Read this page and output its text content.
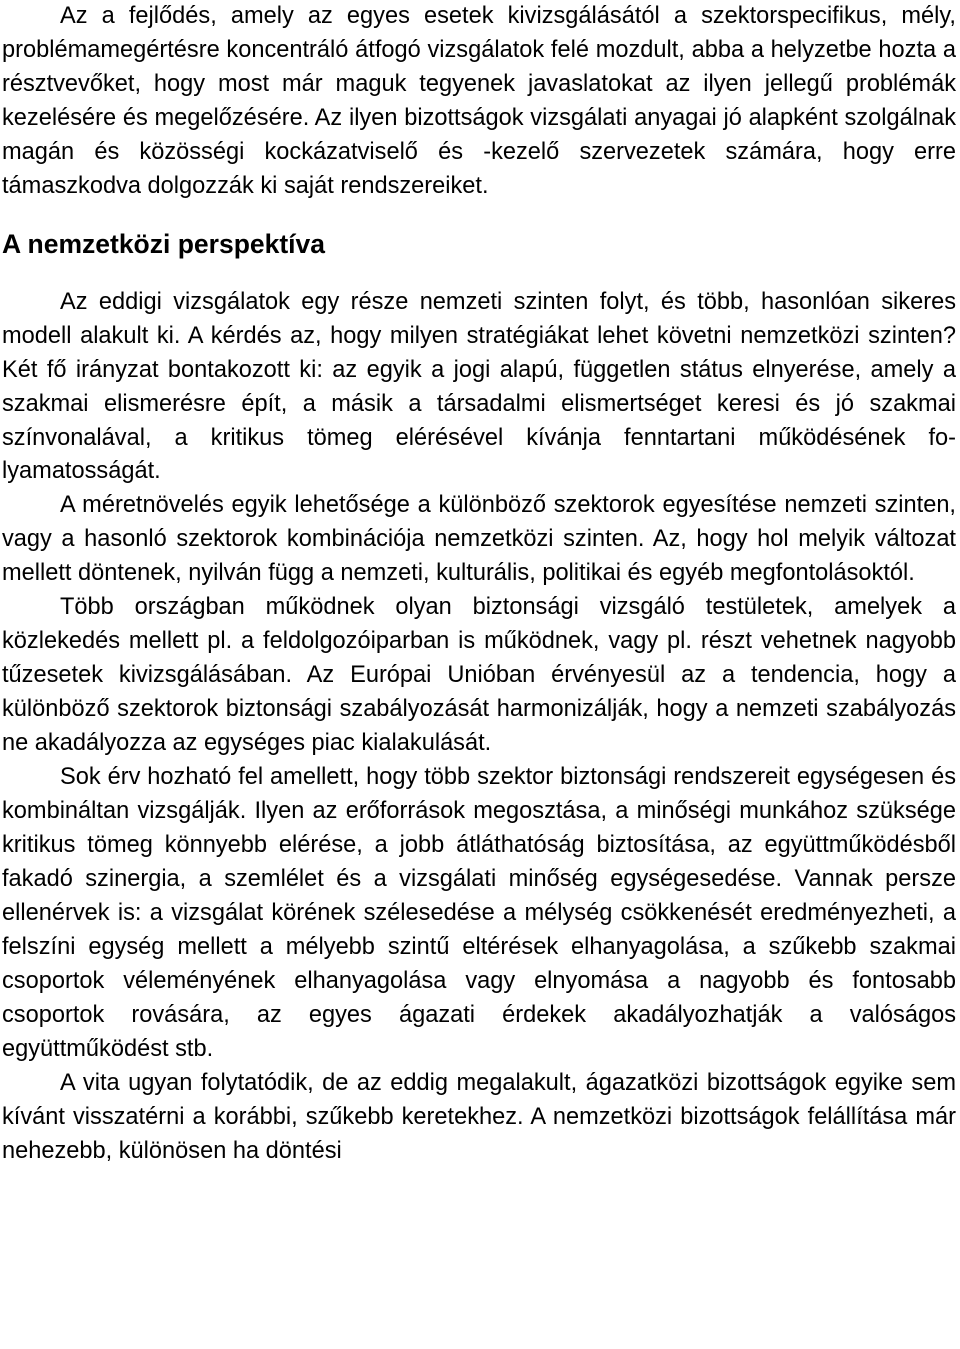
Az a fejlődés, amely az egyes esetek kivizsgálásától a szektorspecifikus, mély, problémamegértésre koncentráló átfogó vizsgálatok felé mozdult, abba a helyzetbe hozta a résztvevőket, hogy most már maguk tegyenek javaslatokat az ilyen jellegű problémák kezelésére és megelőzésére. Az ilyen bizottságok vizsgálati anyagai jó alapként szolgálnak magán és közösségi kockázatviselő és -kezelő szervezetek számára, hogy erre támaszkodva dolgozzák ki saját rendszereiket.

A nemzetközi perspektíva

Az eddigi vizsgálatok egy része nemzeti szinten folyt, és több, hasonlóan sikeres modell alakult ki. A kérdés az, hogy milyen stratégiákat lehet követni nemzetközi szinten? Két fő irányzat bontakozott ki: az egyik a jogi alapú, független státus elnyerése, amely a szakmai elismerésre épít, a másik a társadalmi elismertséget keresi és jó szakmai színvonalával, a kritikus tömeg elérésével kívánja fenntartani működésének folyamatosságát.

A méretnövelés egyik lehetősége a különböző szektorok egyesítése nemzeti szinten, vagy a hasonló szektorok kombinációja nemzetközi szinten. Az, hogy hol melyik változat mellett döntenek, nyilván függ a nemzeti, kulturális, politikai és egyéb megfontolásoktól.

Több országban működnek olyan biztonsági vizsgáló testületek, amelyek a közlekedés mellett pl. a feldolgozóiparban is működnek, vagy pl. részt vehetnek nagyobb tűzesetek kivizsgálásában. Az Európai Unióban érvényesül az a tendencia, hogy a különböző szektorok biztonsági szabályozását harmonizálják, hogy a nemzeti szabályozás ne akadályozza az egységes piac kialakulását.

Sok érv hozható fel amellett, hogy több szektor biztonsági rendszereit egységesen és kombináltan vizsgálják. Ilyen az erőforrások megosztása, a minőségi munkához szüksége kritikus tömeg könnyebb elérése, a jobb átláthatóság biztosítása, az együttműködésből fakadó szinergia, a szemlélet és a vizsgálati minőség egységesedése. Vannak persze ellenérvek is: a vizsgálat körének szélesedése a mélység csökkenését eredményezheti, a felszíni egység mellett a mélyebb szintű eltérések elhanyagolása, a szűkebb szakmai csoportok véleményének elhanyagolása vagy elnyomása a nagyobb és fontosabb csoportok rovására, az egyes ágazati érdekek akadályozhatják a valóságos együttműködést stb.

A vita ugyan folytatódik, de az eddig megalakult, ágazatközi bizottságok egyike sem kívánt visszatérni a korábbi, szűkebb keretekhez. A nemzetközi bizottságok felállítása már nehezebb, különösen ha döntési
